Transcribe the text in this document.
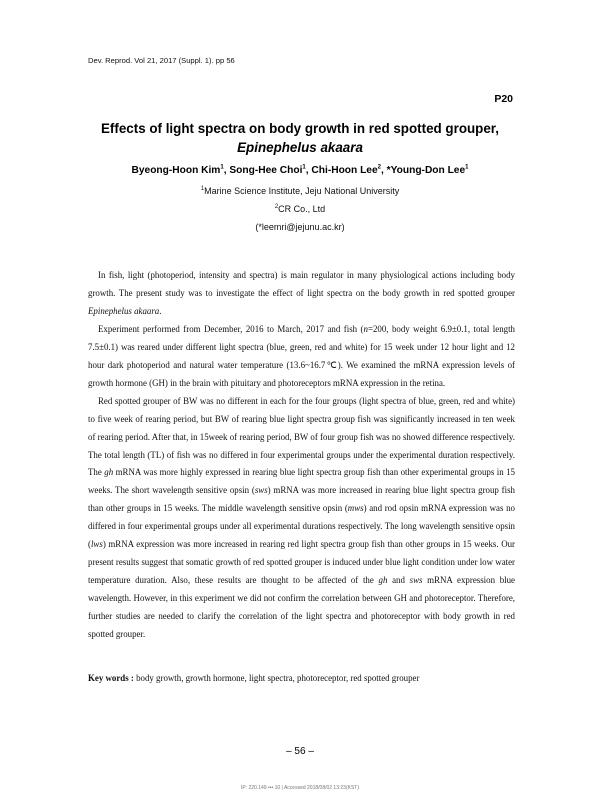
Dev. Reprod. Vol 21, 2017 (Suppl. 1). pp 56
P20
Effects of light spectra on body growth in red spotted grouper,
Epinephelus akaara
Byeong-Hoon Kim$^1$, Song-Hee Choi$^1$, Chi-Hoon Lee$^2$, *Young-Don Lee$^1$
$^1$Marine Science Institute, Jeju National University
$^2$CR Co., Ltd
(*leemri@jejunu.ac.kr)

In fish, light (photoperiod, intensity and spectra) is main regulator in many physiological actions including body growth. The present study was to investigate the effect of light spectra on the body growth in red spotted grouper Epinephelus akaara.

Experiment performed from December, 2016 to March, 2017 and fish (n=200, body weight 6.9±0.1, total length 7.5±0.1) was reared under different light spectra (blue, green, red and white) for 15 week under 12 hour light and 12 hour dark photoperiod and natural water temperature (13.6~16.7℃). We examined the mRNA expression levels of growth hormone (GH) in the brain with pituitary and photoreceptors mRNA expression in the retina.

Red spotted grouper of BW was no different in each for the four groups (light spectra of blue, green, red and white) to five week of rearing period, but BW of rearing blue light spectra group fish was significantly increased in ten week of rearing period. After that, in 15week of rearing period, BW of four group fish was no showed difference respectively. The total length (TL) of fish was no differed in four experimental groups under the experimental duration respectively. The gh mRNA was more highly expressed in rearing blue light spectra group fish than other experimental groups in 15 weeks. The short wavelength sensitive opsin (sws) mRNA was more increased in rearing blue light spectra group fish than other groups in 15 weeks. The middle wavelength sensitive opsin (mws) and rod opsin mRNA expression was no differed in four experimental groups under all experimental durations respectively. The long wavelength sensitive opsin (lws) mRNA expression was more increased in rearing red light spectra group fish than other groups in 15 weeks. Our present results suggest that somatic growth of red spotted grouper is induced under blue light condition under low water temperature duration. Also, these results are thought to be affected of the gh and sws mRNA expression blue wavelength. However, in this experiment we did not confirm the correlation between GH and photoreceptor. Therefore, further studies are needed to clarify the correlation of the light spectra and photoreceptor with body growth in red spotted grouper.

Key words : body growth, growth hormone, light spectra, photoreceptor, red spotted grouper
– 56 –
IP: 220.149.•••.10 | Accessed 2018/08/02 13:23(KST)
